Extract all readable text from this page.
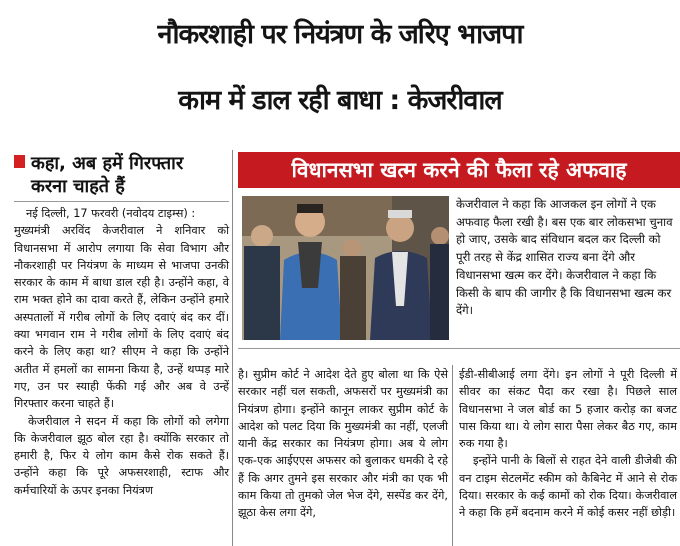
नौकरशाही पर नियंत्रण के जरिए भाजपा
काम में डाल रही बाधा : केजरीवाल
कहा, अब हमें गिरफ्तार
करना चाहते हैं
विधानसभा खत्म करने की फैला रहे अफवाह
केजरीवाल ने कहा कि आजकल इन लोगों ने एक अफवाह फैला रखी है। बस एक बार लोकसभा चुनाव हो जाए, उसके बाद संविधान बदल कर दिल्ली को पूरी तरह से केंद्र शासित राज्य बना देंगे और विधानसभा खत्म कर देंगे। केजरीवाल ने कहा कि किसी के बाप की जागीर है कि विधानसभा खत्म कर देंगे।

नई दिल्ली, 17 फरवरी (नवोदय टाइम्स) :

मुख्यमंत्री अरविंद केजरीवाल ने शनिवार को विधानसभा में आरोप लगाया कि सेवा विभाग और नौकरशाही पर नियंत्रण के माध्यम से भाजपा उनकी सरकार के काम में बाधा डाल रही है। उन्होंने कहा, वे राम भक्त होने का दावा करते हैं, लेकिन उन्होंने हमारे अस्पतालों में गरीब लोगों के लिए दवाएं बंद कर दीं। क्या भगवान राम ने गरीब लोगों के लिए दवाएं बंद करने के लिए कहा था? सीएम ने कहा कि उन्होंने अतीत में हमलों का सामना किया है, उन्हें थप्पड़ मारे गए, उन पर स्याही फेंकी गई और अब वे उन्हें गिरफ्तार करना चाहते हैं।

केजरीवाल ने सदन में कहा कि लोगों को लगेगा कि केजरीवाल झूठ बोल रहा है। क्योंकि सरकार तो हमारी है, फिर ये लोग काम कैसे रोक सकते हैं। उन्होंने कहा कि पूरे अफसरशाही, स्टाफ और कर्मचारियों के ऊपर इनका नियंत्रण

है। सुप्रीम कोर्ट ने आदेश देते हुए बोला था कि ऐसे सरकार नहीं चल सकती, अफसरों पर मुख्यमंत्री का नियंत्रण होगा। इन्होंने कानून लाकर सुप्रीम कोर्ट के आदेश को पलट दिया कि मुख्यमंत्री का नहीं, एलजी यानी केंद्र सरकार का नियंत्रण होगा। अब ये लोग एक-एक आईएएस अफसर को बुलाकर धमकी दे रहे हैं कि अगर तुमने इस सरकार और मंत्री का एक भी काम किया तो तुमको जेल भेज देंगे, सस्पेंड कर देंगे, झूठा केस लगा देंगे,

ईडी-सीबीआई लगा देंगे। इन लोगों ने पूरी दिल्ली में सीवर का संकट पैदा कर रखा है। पिछले साल विधानसभा ने जल बोर्ड का 5 हजार करोड़ का बजट पास किया था। ये लोग सारा पैसा लेकर बैठ गए, काम रुक गया है।

इन्होंने पानी के बिलों से राहत देने वाली डीजेबी की वन टाइम सेटलमेंट स्कीम को कैबिनेट में आने से रोक दिया। सरकार के कई कामों को रोक दिया। केजरीवाल ने कहा कि हमें बदनाम करने में कोई कसर नहीं छोड़ी।
